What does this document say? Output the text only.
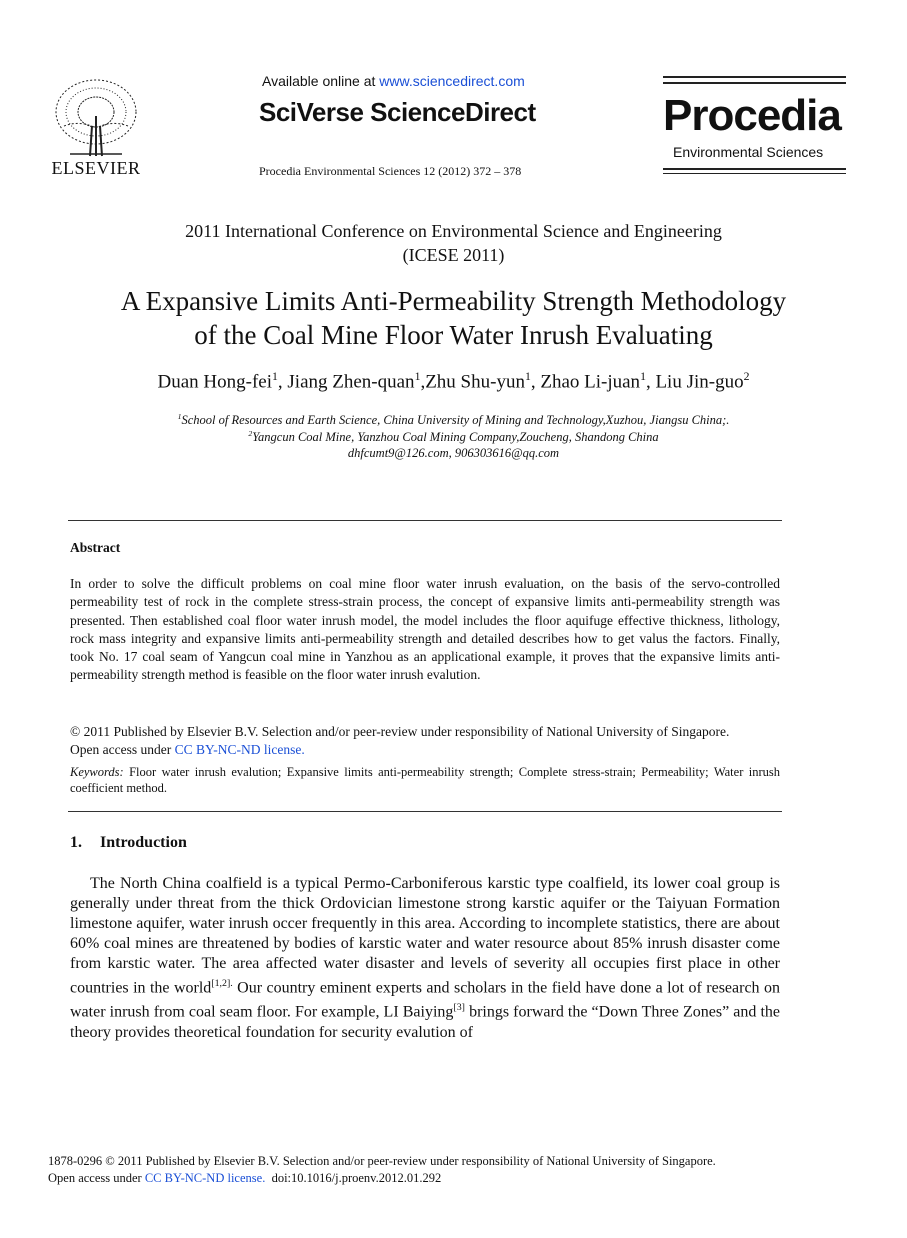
ELSEVIER
Available online at www.sciencedirect.com
SciVerse ScienceDirect
Procedia Environmental Sciences 12 (2012) 372 – 378
Procedia
Environmental Sciences
2011 International Conference on Environmental Science and Engineering
(ICESE 2011)
A Expansive Limits Anti-Permeability Strength Methodology
of the Coal Mine Floor Water Inrush Evaluating
Duan Hong-fei$^1$, Jiang Zhen-quan$^1$,Zhu Shu-yun$^1$, Zhao Li-juan$^1$, Liu Jin-guo$^2$
$^1$School of Resources and Earth Science, China University of Mining and Technology,Xuzhou, Jiangsu China;.
$^2$Yangcun Coal Mine, Yanzhou Coal Mining Company,Zoucheng, Shandong China
dhfcumt9@126.com, 906303616@qq.com
Abstract
In order to solve the difficult problems on coal mine floor water inrush evaluation, on the basis of the servo-controlled permeability test of rock in the complete stress-strain process, the concept of expansive limits anti-permeability strength was presented. Then established coal floor water inrush model, the model includes the floor aquifuge effective thickness, lithology, rock mass integrity and expansive limits anti-permeability strength and detailed describes how to get valus the factors. Finally, took No. 17 coal seam of Yangcun coal mine in Yanzhou as an applicational example, it proves that the expansive limits anti-permeability strength method is feasible on the floor water inrush evalution.
© 2011 Published by Elsevier B.V. Selection and/or peer-review under responsibility of National University of Singapore.
Open access under CC BY-NC-ND license.
Keywords: Floor water inrush evalution; Expansive limits anti-permeability strength; Complete stress-strain; Permeability; Water inrush coefficient method.
1. Introduction

The North China coalfield is a typical Permo-Carboniferous karstic type coalfield, its lower coal group is generally under threat from the thick Ordovician limestone strong karstic aquifer or the Taiyuan Formation limestone aquifer, water inrush occer frequently in this area. According to incomplete statistics, there are about 60% coal mines are threatened by bodies of karstic water and water resource about 85% inrush disaster come from karstic water. The area affected water disaster and levels of severity all occupies first place in other countries in the world$^{[1,2].}$ Our country eminent experts and scholars in the field have done a lot of research on water inrush from coal seam floor. For example, LI Baiying[3] brings forward the “Down Three Zones” and the theory provides theoretical foundation for security evalution of

1878-0296 © 2011 Published by Elsevier B.V. Selection and/or peer-review under responsibility of National University of Singapore.
Open access under CC BY-NC-ND license.  doi:10.1016/j.proenv.2012.01.292
